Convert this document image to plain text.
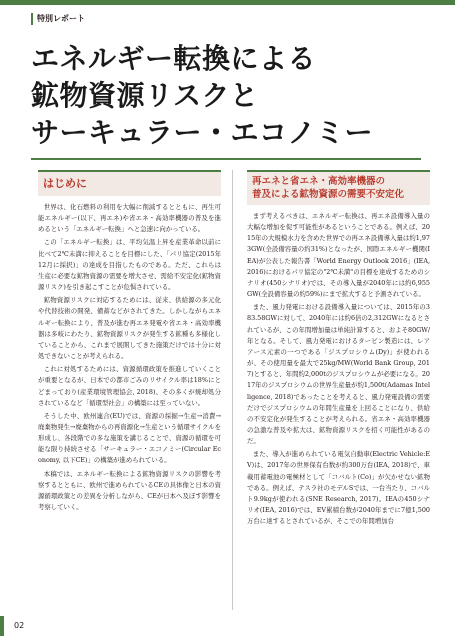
特別レポート
エネルギー転換による
鉱物資源リスクと
サーキュラー・エコノミー
はじめに

世界は、化石燃料の利用を大幅に削減するとともに、再生可能エネルギー(以下、再エネ)や省エネ・高効率機器の普及を進めるという「エネルギー転換」へと急速に向かっている。

この「エネルギー転換」は、平均気温上昇を産業革命以前に比べて2℃未満に抑えることを目標にした、「パリ協定(2015年12月に採択)」の達成を目指したものである。ただ、これらは生産に必要な鉱物資源の需要を増大させ、需給不安定化(鉱物資源リスク)を引き起こすことが危惧されている。

鉱物資源リスクに対応するためには、従来、供給源の多元化や代替技術の開発、備蓄などがされてきた。しかしながらエネルギー転換により、普及が進む再エネ発電や省エネ・高効率機器は多岐にわたり、鉱物資源リスクが発生する鉱種も多様化していることから、これまで展開してきた施策だけでは十分に対処できないことが考えられる。

これに対処するためには、資源循環政策を推進していくことが重要となるが、日本での都市ごみのリサイクル率は18%にとどまっており(産業環境管理協会, 2018)、その多くが焼却処分されているなど「循環型社会」の構築には至っていない。

そうした中、欧州連合(EU)では、資源の採掘→生産→消費→廃棄物発生→廃棄物からの再資源化→生産という循環サイクルを形成し、各段階での多な施策を講じることで、資源の循環を可能な限り持続させる「サーキュラー・エコノミー(Circular Economy, 以下CE)」の構築が進められている。

本稿では、エネルギー転換による鉱物資源リスクの影響を考察するとともに、欧州で進められているCEの具体像と日本の資源循環政策との差異を分析しながら、CEが日本へ及ぼす影響を考察していく。

再エネと省エネ・高効率機器の
普及による鉱物資源の需要不安定化

まず考えるべきは、エネルギー転換は、再エネ設備導入量の大幅な増加を促す可能性があるということである。例えば、2015年の大規模水力を含めた世界での再エネ設備導入量は約1,973GW(全設備容量の約31%)となったが、国際エネルギー機関(IEA)が公表した報告書「World Energy Outlook 2016」(IEA, 2016)におけるパリ協定の"2℃未満"の目標を達成するためのシナリオ(450シナリオ)では、その導入量が2040年には約6,955GW(全設備容量の約59%)にまで拡大すると予測されている。

また、風力発電における設備導入量については、2015年の383.58GWに対して、2040年には約6倍の2,312GWになるとされているが、この年間増加量は単純計算すると、およそ80GW/年となる。そして、風力発電におけるタービン製造には、レアアース元素の一つである「ジスプロシウム(Dy)」が使われるが、その使用量を最大で25kg/MW(World Bank Group, 2017)とすると、年間約2,000tのジスプロシウムが必要になる。2017年のジスプロシウムの世界生産量が約1,500t(Adamas Intelligence, 2018)であったことを考えると、風力発電設備の需要だけでジスプロシウムの年間生産量を上回ることになり、供給の不安定化が発生することが考えられる。省エネ・高効率機器の急激な普及や拡大は、鉱物資源リスクを招く可能性があるのだ。

また、導入が進められている電気自動車(Electric Vehicle:EV)は、2017年の世界保有台数が約300万台(IEA, 2018)で、車載用蓄電池の電極材として「コバルト(Co)」が欠かせない鉱物である。例えば、テスラ社のモデルSでは、一台当たり、コバルト9.9kgが使われる(SNE Research, 2017)。IEAの450シナリオ(IEA, 2016)では、EV累積台数が2040年までに7億1,500万台に達するとされているが、そこでの年間増加台

02
